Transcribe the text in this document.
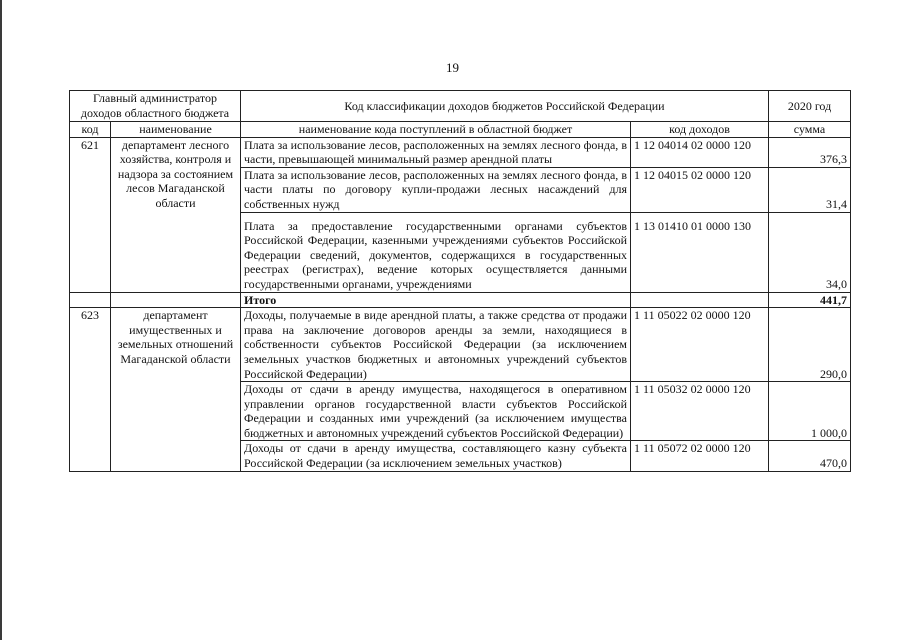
19
Главный администратор доходов областного бюджета		Код классификации доходов бюджетов Российской Федерации		2020 год
код	наименование	наименование кода поступлений в областной бюджет	код доходов	сумма
621	департамент лесного хозяйства, контроля и надзора за состоянием лесов Магаданской области	Плата за использование лесов, расположенных на землях лесного фонда, в части, превышающей минимальный размер арендной платы	1 12 04014 02 0000 120	376,3
		Плата за использование лесов, расположенных на землях лесного фонда, в части платы по договору купли-продажи лесных насаждений для собственных нужд	1 12 04015 02 0000 120	31,4
		Плата за предоставление государственными органами субъектов Российской Федерации, казенными учреждениями субъектов Российской Федерации сведений, документов, содержащихся в государственных реестрах (регистрах), ведение которых осуществляется данными государственными органами, учреждениями	1 13 01410 01 0000 130	34,0
		Итого		441,7
623	департамент имущественных и земельных отношений Магаданской области	Доходы, получаемые в виде арендной платы, а также средства от продажи права на заключение договоров аренды за земли, находящиеся в собственности субъектов Российской Федерации (за исключением земельных участков бюджетных и автономных учреждений субъектов Российской Федерации)	1 11 05022 02 0000 120	290,0
		Доходы от сдачи в аренду имущества, находящегося в оперативном управлении органов государственной власти субъектов Российской Федерации и созданных ими учреждений (за исключением имущества бюджетных и автономных учреждений субъектов Российской Федерации)	1 11 05032 02 0000 120	1 000,0
		Доходы от сдачи в аренду имущества, составляющего казну субъекта Российской Федерации (за исключением земельных участков)	1 11 05072 02 0000 120	470,0
